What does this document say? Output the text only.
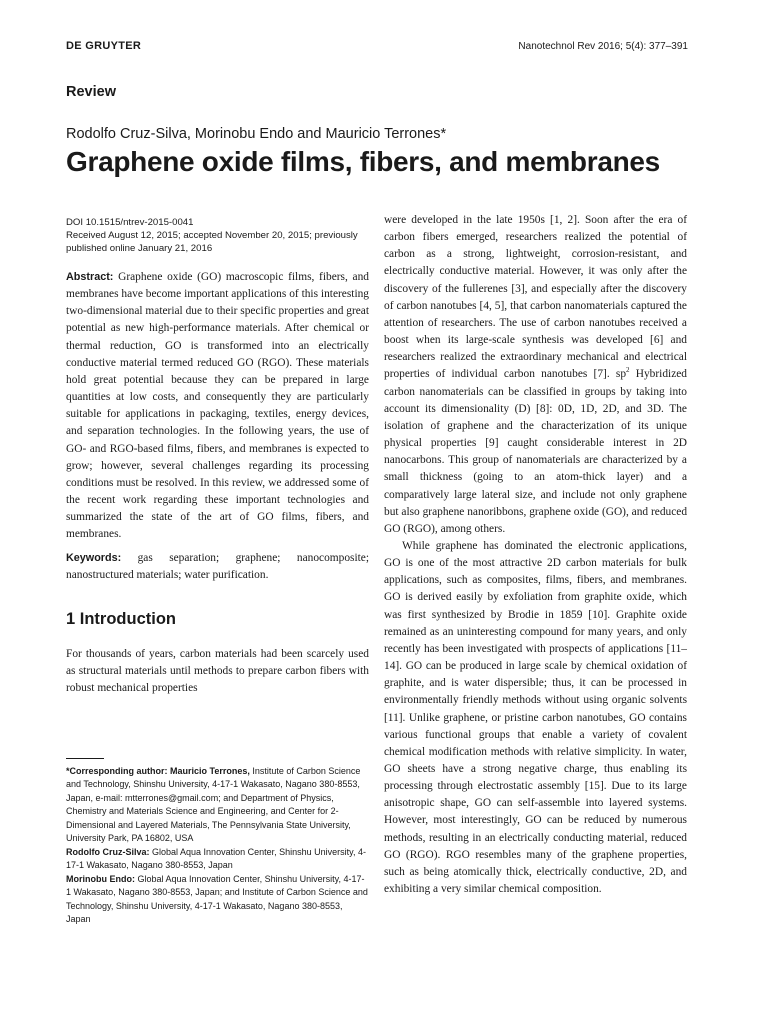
DE GRUYTER	Nanotechnol Rev 2016; 5(4): 377–391
Review
Rodolfo Cruz-Silva, Morinobu Endo and Mauricio Terrones*
Graphene oxide films, fibers, and membranes

DOI 10.1515/ntrev-2015-0041

Received August 12, 2015; accepted November 20, 2015; previously published online January 21, 2016

Abstract: Graphene oxide (GO) macroscopic films, fibers, and membranes have become important applications of this interesting two-dimensional material due to their specific properties and great potential as new high-performance materials. After chemical or thermal reduction, GO is transformed into an electrically conductive material termed reduced GO (RGO). These materials hold great potential because they can be prepared in large quantities at low costs, and consequently they are particularly suitable for applications in packaging, textiles, energy devices, and separation technologies. In the following years, the use of GO- and RGO-based films, fibers, and membranes is expected to grow; however, several challenges regarding its processing conditions must be resolved. In this review, we addressed some of the recent work regarding these important technologies and summarized the state of the art of GO films, fibers, and membranes.

Keywords: gas separation; graphene; nanocomposite; nanostructured materials; water purification.

1 Introduction

For thousands of years, carbon materials had been scarcely used as structural materials until methods to prepare carbon fibers with robust mechanical properties

*Corresponding author: Mauricio Terrones, Institute of Carbon Science and Technology, Shinshu University, 4-17-1 Wakasato, Nagano 380-8553, Japan, e-mail: mtterrones@gmail.com; and Department of Physics, Chemistry and Materials Science and Engineering, and Center for 2-Dimensional and Layered Materials, The Pennsylvania State University, University Park, PA 16802, USA

Rodolfo Cruz-Silva: Global Aqua Innovation Center, Shinshu University, 4-17-1 Wakasato, Nagano 380-8553, Japan

Morinobu Endo: Global Aqua Innovation Center, Shinshu University, 4-17-1 Wakasato, Nagano 380-8553, Japan; and Institute of Carbon Science and Technology, Shinshu University, 4-17-1 Wakasato, Nagano 380-8553, Japan

were developed in the late 1950s [1, 2]. Soon after the era of carbon fibers emerged, researchers realized the potential of carbon as a strong, lightweight, corrosion-resistant, and electrically conductive material. However, it was only after the discovery of the fullerenes [3], and especially after the discovery of carbon nanotubes [4, 5], that carbon nanomaterials captured the attention of researchers. The use of carbon nanotubes received a boost when its large-scale synthesis was developed [6] and researchers realized the extraordinary mechanical and electrical properties of individual carbon nanotubes [7]. $sp^2$ Hybridized carbon nanomaterials can be classified in groups by taking into account its dimensionality (D) [8]: 0D, 1D, 2D, and 3D. The isolation of graphene and the characterization of its unique physical properties [9] caught considerable interest in 2D nanocarbons. This group of nanomaterials are characterized by a small thickness (going to an atom-thick layer) and a comparatively large lateral size, and include not only graphene but also graphene nanoribbons, graphene oxide (GO), and reduced GO (RGO), among others.

While graphene has dominated the electronic applications, GO is one of the most attractive 2D carbon materials for bulk applications, such as composites, films, fibers, and membranes. GO is derived easily by exfoliation from graphite oxide, which was first synthesized by Brodie in 1859 [10]. Graphite oxide remained as an uninteresting compound for many years, and only recently has been investigated with prospects of applications [11–14]. GO can be produced in large scale by chemical oxidation of graphite, and is water dispersible; thus, it can be processed in environmentally friendly methods without using organic solvents [11]. Unlike graphene, or pristine carbon nanotubes, GO contains various functional groups that enable a variety of covalent chemical modification methods with relative simplicity. In water, GO sheets have a strong negative charge, thus enabling its processing through electrostatic assembly [15]. Due to its large anisotropic shape, GO can self-assemble into layered systems. However, most interestingly, GO can be reduced by numerous methods, resulting in an electrically conducting material, reduced GO (RGO). RGO resembles many of the graphene properties, such as being atomically thick, electrically conductive, 2D, and exhibiting a very similar chemical composition.
